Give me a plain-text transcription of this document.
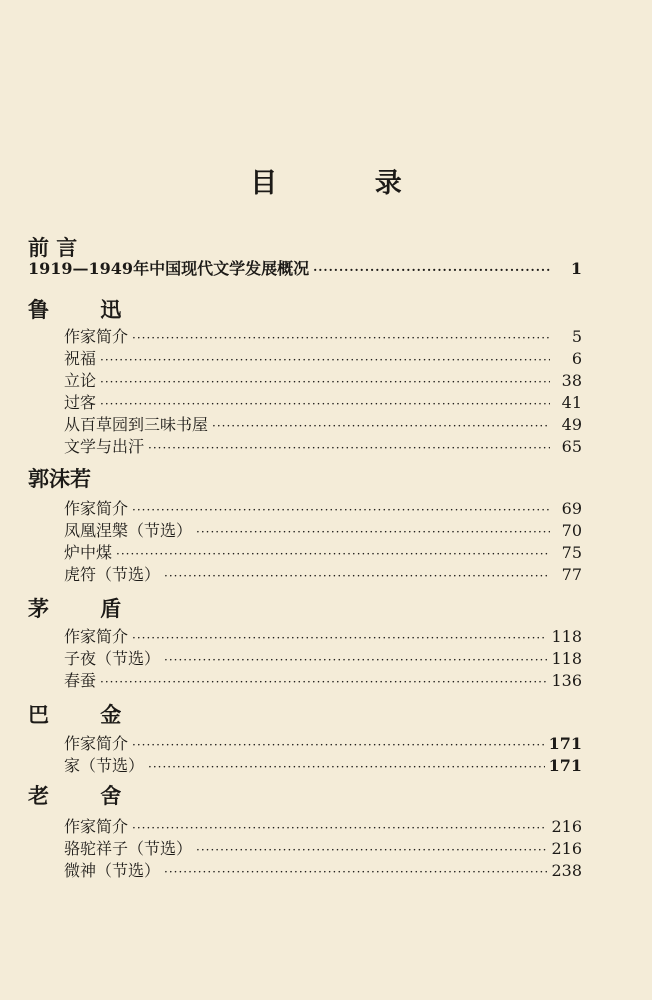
目 录
前 言
1919—1949年中国现代文学发展概况 ·····	1
鲁 迅
作家简介 ·····	5
祝福 ·····	6
立论 ·····	38
过客 ·····	41
从百草园到三味书屋 ·····	49
文学与出汗 ·····	65
郭沫若
作家简介 ·····	69
凤凰涅槃（节选） ·····	70
炉中煤 ·····	75
虎符（节选） ·····	77
茅 盾
作家简介 ·····	118
子夜（节选） ·····	118
春蚕 ·····	136
巴 金
作家简介 ·····	171
家（节选） ·····	171
老 舍
作家简介 ·····	216
骆驼祥子（节选） ·····	216
微神（节选） ·····	238
